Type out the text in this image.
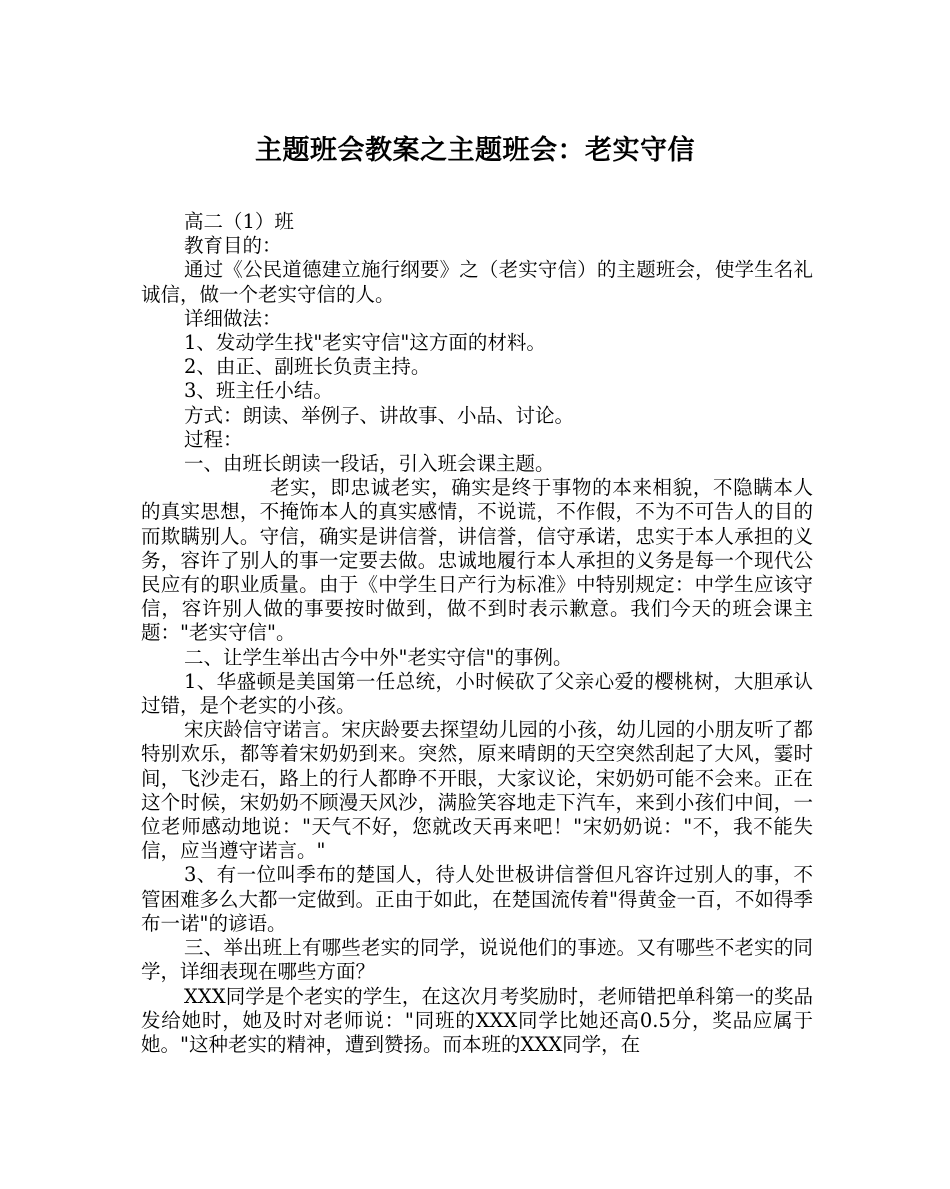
主题班会教案之主题班会：老实守信

高二（1）班

教育目的：

通过《公民道德建立施行纲要》之（老实守信）的主题班会，使学生名礼诚信，做一个老实守信的人。

详细做法：

1、发动学生找"老实守信"这方面的材料。

2、由正、副班长负责主持。

3、班主任小结。

方式：朗读、举例子、讲故事、小品、讨论。

过程：

一、由班长朗读一段话，引入班会课主题。

老实，即忠诚老实，确实是终于事物的本来相貌，不隐瞒本人的真实思想，不掩饰本人的真实感情，不说谎，不作假，不为不可告人的目的而欺瞒别人。守信，确实是讲信誉，讲信誉，信守承诺，忠实于本人承担的义务，容许了别人的事一定要去做。忠诚地履行本人承担的义务是每一个现代公民应有的职业质量。由于《中学生日产行为标准》中特别规定：中学生应该守信，容许别人做的事要按时做到，做不到时表示歉意。我们今天的班会课主题："老实守信"。

二、让学生举出古今中外"老实守信"的事例。

1、华盛顿是美国第一任总统，小时候砍了父亲心爱的樱桃树，大胆承认过错，是个老实的小孩。

宋庆龄信守诺言。宋庆龄要去探望幼儿园的小孩，幼儿园的小朋友听了都特别欢乐，都等着宋奶奶到来。突然，原来晴朗的天空突然刮起了大风，霎时间，飞沙走石，路上的行人都睁不开眼，大家议论，宋奶奶可能不会来。正在这个时候，宋奶奶不顾漫天风沙，满脸笑容地走下汽车，来到小孩们中间，一位老师感动地说："天气不好，您就改天再来吧！"宋奶奶说："不，我不能失信，应当遵守诺言。"

3、有一位叫季布的楚国人，待人处世极讲信誉但凡容许过别人的事，不管困难多么大都一定做到。正由于如此，在楚国流传着"得黄金一百，不如得季布一诺"的谚语。

三、举出班上有哪些老实的同学，说说他们的事迹。又有哪些不老实的同学，详细表现在哪些方面？

XXX同学是个老实的学生，在这次月考奖励时，老师错把单科第一的奖品发给她时，她及时对老师说："同班的XXX同学比她还高0.5分，奖品应属于她。"这种老实的精神，遭到赞扬。而本班的XXX同学，在
